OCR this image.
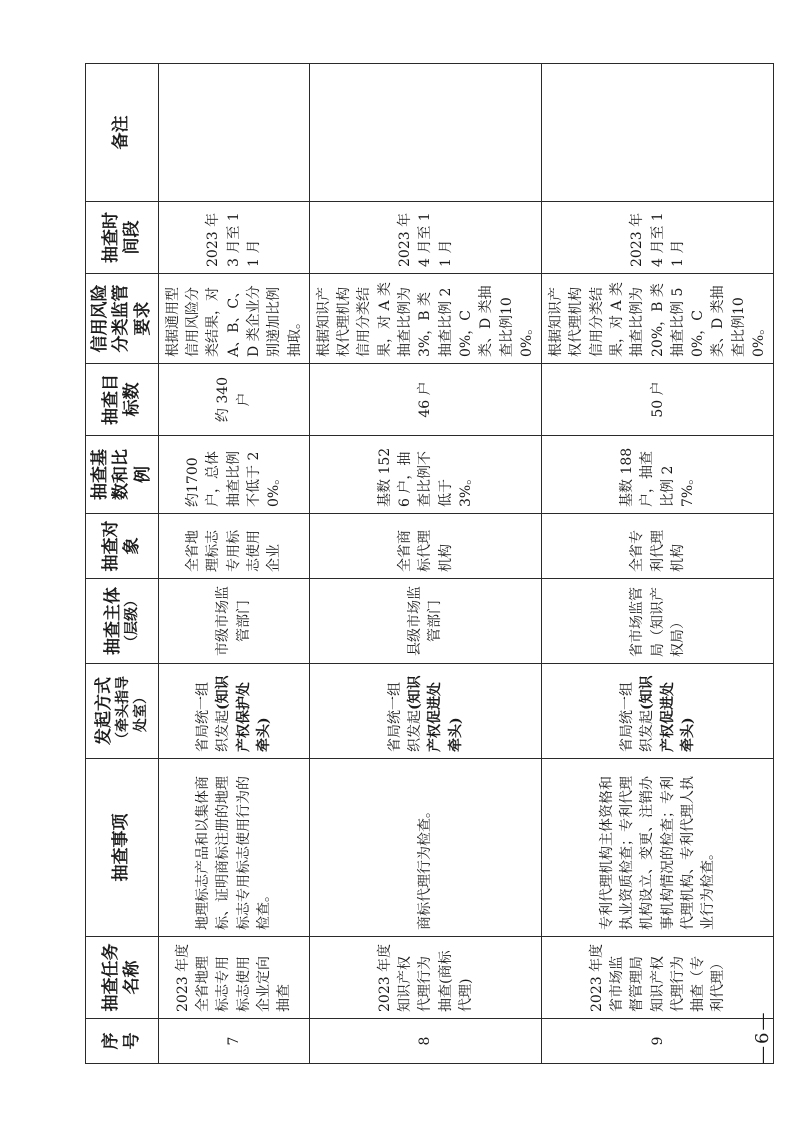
序号	抽查任务名称	抽查事项	发起方式 （牵头指导处室）	抽查主体 （层级）	抽查对象	抽查基数和比例	抽查目标数	信用风险分类监管要求	抽查时间段	备注
7	2023 年度全省地理标志专用标志使用企业定向抽查	地理标志产品和以集体商标、证明商标注册的地理标志专用标志使用行为的检查。	省局统一组织发起(知识产权保护处牵头)	市级市场监管部门	全省地理标志专用标志使用企业	约1700户，总体抽查比例不低于 20%。	约 340 户	根据通用型信用风险分类结果，对 A、B、C、D 类企业分别递加比例抽取。	2023 年 3 月至 11 月	
8	2023 年度知识产权代理行为抽查(商标代理)	商标代理行为检查。	省局统一组织发起(知识产权促进处牵头)	县级市场监管部门	全省商标代理机构	基数 1526 户，抽查比例不低于 3%。	46 户	根据知识产权代理机构信用分类结果，对 A 类抽查比例为 3%，B 类抽查比例 20%，C 类、D 类抽查比例100%。	2023 年 4 月至 11 月	
9	2023 年度省市场监督管理局知识产权代理行为抽查（专利代理）	专利代理机构主体资格和执业资质检查；专利代理机构设立、变更、注销办事机构情况的检查；专利代理机构、专利代理人执业行为检查。	省局统一组织发起(知识产权促进处牵头)	省市场监管局（知识产权局）	全省专利代理机构	基数 188 户，抽查比例 27%。	50 户	根据知识产权代理机构信用分类结果，对 A 类抽查比例为 20%，B 类抽查比例 50%，C 类、D 类抽查比例100%。	2023 年 4 月至 11 月	
—6—
